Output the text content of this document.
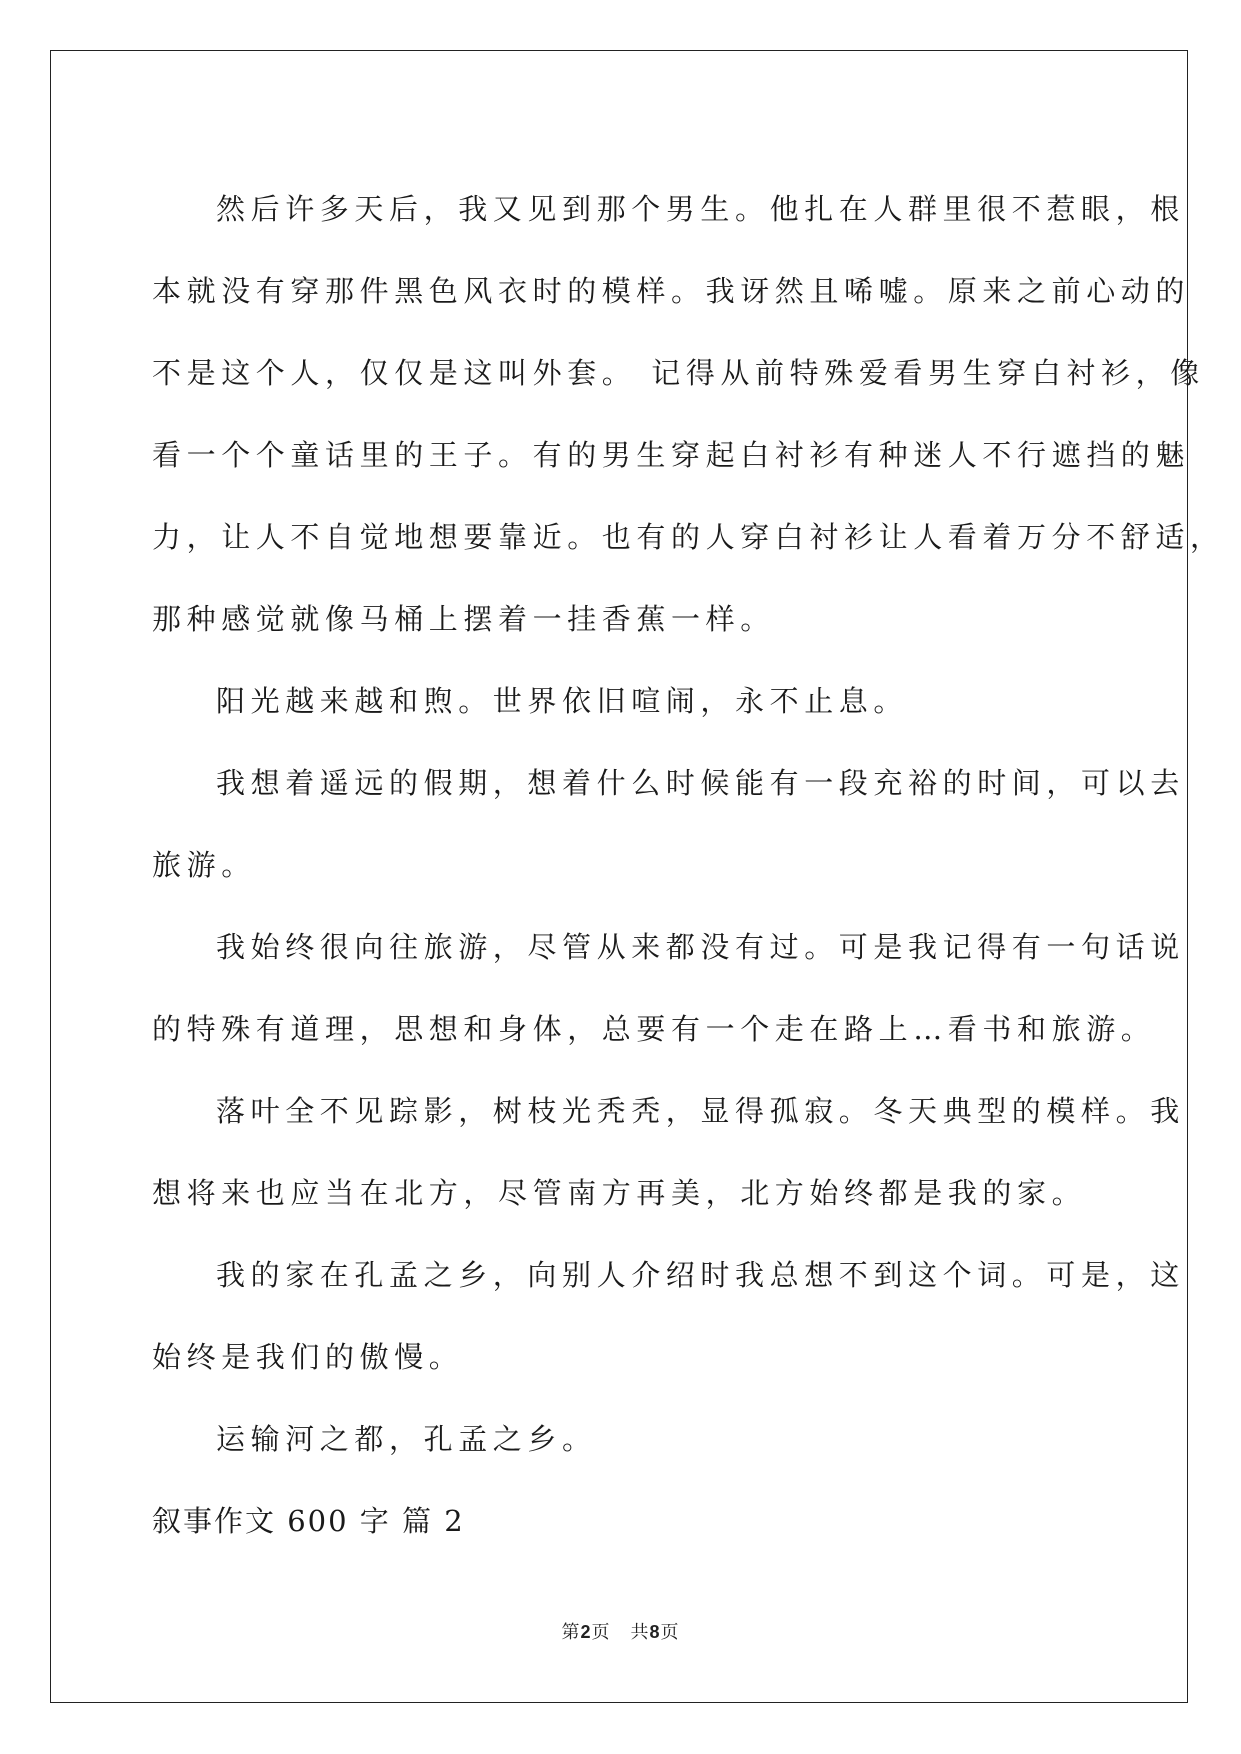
然后许多天后，我又见到那个男生。他扎在人群里很不惹眼，根
本就没有穿那件黑色风衣时的模样。我讶然且唏嘘。原来之前心动的
不是这个人，仅仅是这叫外套。 记得从前特殊爱看男生穿白衬衫，像
看一个个童话里的王子。有的男生穿起白衬衫有种迷人不行遮挡的魅
力，让人不自觉地想要靠近。也有的人穿白衬衫让人看着万分不舒适，
那种感觉就像马桶上摆着一挂香蕉一样。
阳光越来越和煦。世界依旧喧闹，永不止息。
我想着遥远的假期，想着什么时候能有一段充裕的时间，可以去
旅游。
我始终很向往旅游，尽管从来都没有过。可是我记得有一句话说
的特殊有道理，思想和身体，总要有一个走在路上…看书和旅游。
落叶全不见踪影，树枝光秃秃，显得孤寂。冬天典型的模样。我
想将来也应当在北方，尽管南方再美，北方始终都是我的家。
我的家在孔孟之乡，向别人介绍时我总想不到这个词。可是，这
始终是我们的傲慢。
运输河之都，孔孟之乡。
叙事作文 600 字 篇 2
第2页 共8页
